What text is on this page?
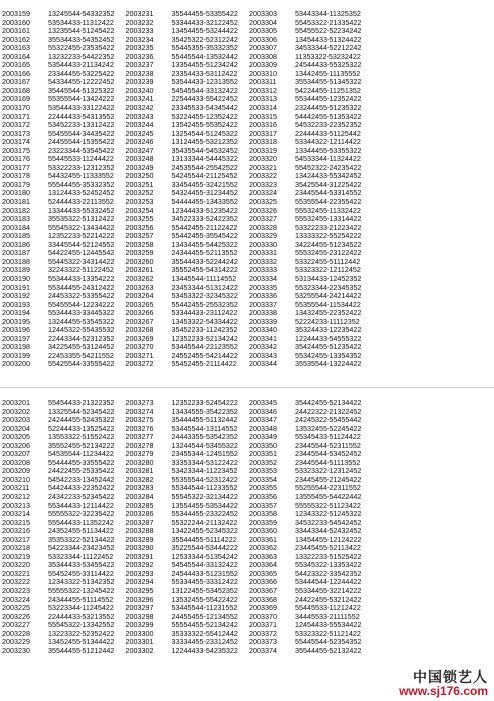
2003159	13245544-54332352
2003160	53534433-11312422
2003161	13235544-51245422
2003162	35534433-54352452
2003163	55322455-23535422
2003164	13232233-54422352
2003165	53544433-21134242
2003166	23344455-53225422
2003167	54334455-12222452
2003168	35445544-51325322
2003169	55355544-13424222
2003170	53544433-33122422
2003171	22444433-54313552
2003172	53452233-13312422
2003173	55455544-34435422
2003174	24455544-15355422
2003175	23223344-53545422
2003176	55445533-11244422
2003177	53322233-12312352
2003178	54432455-11333552
2003179	55544455-35332352
2003180	13124433-52452452
2003181	52444433-22113552
2003182	13344433-55332452
2003183	35535322-51312422
2003184	55545322-13434422
2003185	12352233-52214222
2003186	33445544-52124552
2003187	54422455-12445542
2003188	55445322-34314422
2003189	32243322-51122452
2003190	55344433-13354222
2003191	55344455-24312422
2003192	24453322-53355422
2003193	55455544-12234222
2003194	55344433-33445322
2003195	13244455-53545322
2003196	12445322-55435532
2003197	22443344-52312352
2003198	34225455-53124452
2003199	22453355-54211552
2003200	55425544-33555422
2003231	35544455-53355422
2003232	53344433-32122452
2003233	13454455-53244422
2003234	35425322-52312242
2003235	55445355-35332352
2003236	55445544-13532442
2003237	13354455-51234242
2003238	23354433-53112422
2003239	53544433-12313552
2003240	54545544-33132422
2003241	22544433-55422452
2003242	23345533-54345442
2003243	53224455-12352422
2003244	13542455-55352422
2003245	13254544-51245322
2003246	13124455-53212352
2003247	35435544-54532452
2003248	13133344-54445322
2003249	24535544-25542522
2003250	54245544-21125452
2003251	33454455-32421552
2003252	54324455-31234452
2003253	54444455-13433552
2003254	12344433-51235422
2003255	34522333-52422352
2003256	55442455-21122422
2003257	55442455-35545422
2003258	13434455-54425322
2003259	24344455-52113552
2003260	35544433-52244242
2003261	35552455-54314222
2003262	13445544-11114552
2003263	23453344-51312422
2003264	53453322-32345322
2003265	55442455-25532352
2003266	53344433-23112422
2003267	13453322-54334422
2003268	35452233-11242352
2003269	12352233-52134242
2003270	53445544-22123552
2003271	24552455-54214422
2003272	55452455-21114422
2003303	53443344-11325352
2003304	55453322-21335422
2003305	55455522-52234242
2003306	13454433-51324422
2003307	34533344-52212242
2003308	11353322-53232422
2003309	24544433-55325322
2003310	13442455-11135552
2003311	35534455-51345322
2003312	54224455-11251352
2003313	55344455-12352422
2003314	23244455-51235322
2003315	54442455-51353422
2003316	54532233-22352352
2003317	22444433-51125442
2003318	53344322-12114422
2003319	13344455-53355322
2003320	54533344-11324422
2003321	55452322-24235422
2003322	13424433-55342452
2003323	35425544-31225422
2003324	23445544-53314552
2003325	55355544-22355422
2003326	55532455-11332422
2003327	55532455-13314422
2003328	53322233-21223422
2003329	13333322-55254222
2003330	34224455-51234522
2003331	55532455-23122422
2003332	53322455-51112442
2003333	53323322-12112452
2003334	53134433-12452352
2003335	55323344-22345352
2003336	53255544-24214422
2003337	55355544-11534422
2003338	13432455-22352422
2003339	52224233-11112352
2003340	35324433-12235422
2003341	12244433-54555322
2003342	35424455-51235422
2003343	55342455-13354352
2003344	35535544-13224422
2003201	55454433-21322352
2003202	13325544-52345422
2003203	24244455-52435322
2003204	52244433-13525422
2003205	13553322-51552422
2003206	35552455-52134222
2003207	54535544-11234422
2003208	55444455-33555422
2003209	24422455-25335422
2003210	54542233-13452442
2003211	54424433-22352422
2003212	24342233-52345422
2003213	55344433-12114422
2003214	55555322-32235422
2003215	55544433-11352242
2003216	24352455-51134422
2003217	35353322-52134422
2003218	54223344-23423452
2003219	53323344-11122452
2003220	35344433-53455422
2003221	55452455-33114422
2003222	12343322-51342352
2003223	55555322-13245422
2003224	24344455-51114552
2003225	53223344-11245422
2003226	22444433-53213552
2003227	55545322-13342552
2003228	13223322-52352422
2003229	13452455-51344422
2003230	35544455-51212442
2003273	12352233-52454222
2003274	13434555-35422352
2003275	35444455-51132442
2003276	53445544-13114552
2003277	24443355-53542352
2003278	13244544-53455322
2003279	23455344-12451552
2003280	33353344-53122422
2003281	53423344-11223452
2003282	55355544-52312422
2003283	55344544-11233552
2003284	55545322-32134422
2003285	13554455-53534422
2003286	55344455-23322452
2003287	55322244-21132422
2003288	13422455-52345322
2003289	35544455-51114222
2003290	35225544-53444222
2003291	12533344-51354242
2003292	54545544-33132422
2003293	24544433-51231552
2003294	55334455-33312422
2003295	13122455-53452352
2003296	13532455-55422422
2003297	53445544-11231552
2003298	24455455-12134552
2003299	55554455-52134242
2003300	35333322-55412442
2003301	33334455-23312452
2003302	12244433-54235322
2003345	35442455-52134422
2003346	24422322-21322452
2003347	24245322-55455442
2003348	13532455-52245422
2003349	55345433-51124422
2003350	23445544-52311552
2003351	23445544-53452452
2003352	23445544-51113552
2003353	53323322-12312452
2003354	23445455-21245422
2003355	55255544-22311552
2003356	13555455-54422442
2003357	55555322-51123422
2003358	12343322-51245322
2003359	34532233-54542452
2003360	33443344-52432452
2003361	13454455-12124222
2003362	23445455-52113422
2003363	13322233-51525422
2003364	55345322-13353422
2003365	54423322-33542352
2003366	53444544-12244422
2003367	55334455-32214222
2003368	24422455-53212422
2003369	55445533-11212422
2003370	34445533-21111552
2003371	12454433-55534422
2003372	53323322-51121422
2003373	55445544-52354352
2003374	35544455-52132422
中国锁艺人
www.sj176.com
